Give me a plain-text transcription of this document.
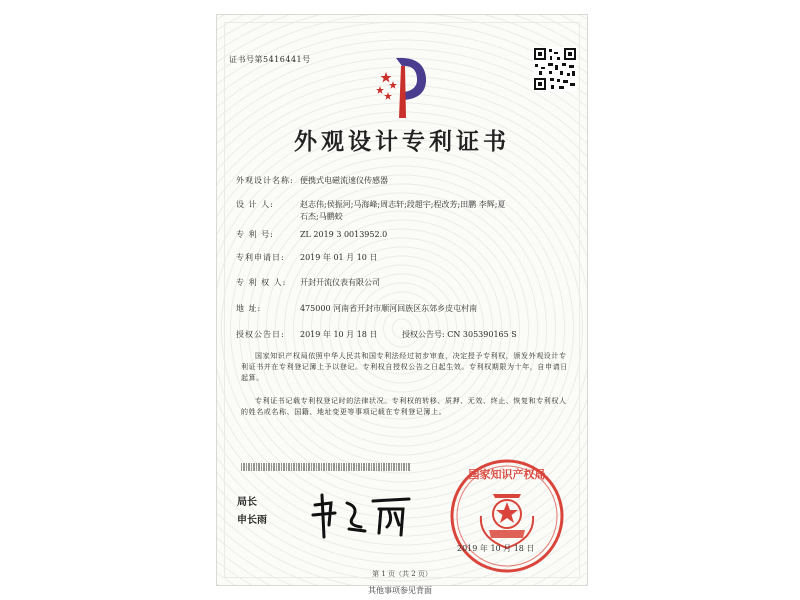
证书号第5416441号
外观设计专利证书
外观设计名称: 便携式电磁流速仪传感器
设 计 人:	赵志伟;侯振河;马海峰;周志轩;段超宇;程改芳;田鹏 李辉;夏石杰;马鹏蛟
专 利 号:	ZL 2019 3 0013952.0
专利申请日: 2019 年 01 月 10 日
专 利 权 人: 开封开流仪表有限公司
地 址:	475000 河南省开封市顺河回族区东郊乡皮屯村南
授权公告日: 2019 年 10 月 18 日	授权公告号: CN 305390165 S
国家知识产权局依照中华人民共和国专利法经过初步审查，决定授予专利权，颁发外观设计专利证书并在专利登记簿上予以登记。专利权自授权公告之日起生效。专利权期限为十年，自申请日起算。
专利证书记载专利权登记时的法律状况。专利权的转移、质押、无效、终止、恢复和专利权人的姓名或名称、国籍、地址变更等事项记载在专利登记簿上。
局长
申长雨
国家知识产权局
2019 年 10 月 18 日
第 1 页（共 2 页）
其他事项参见背面
